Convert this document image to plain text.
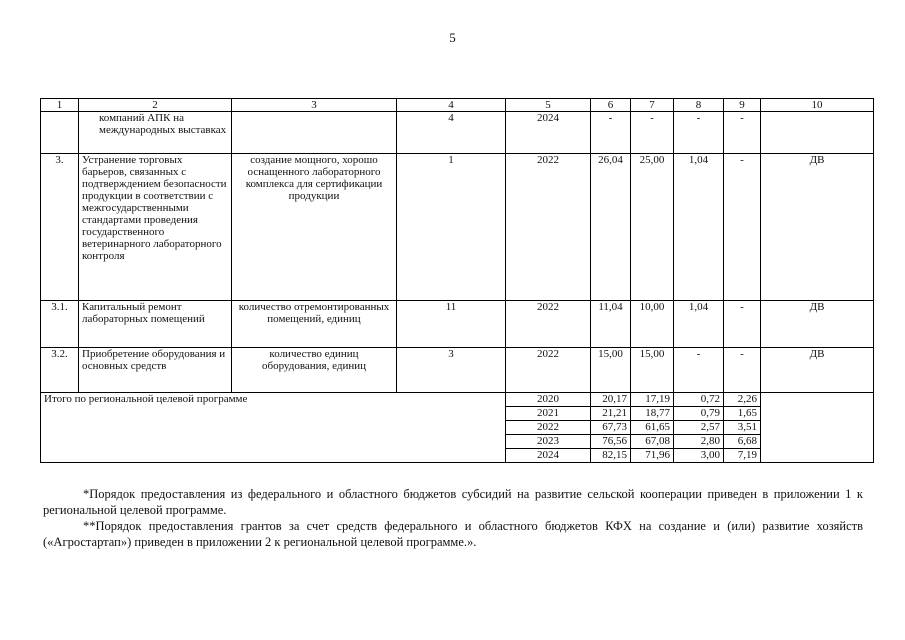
5
1	2	3	4	5	6	7	8	9	10
	компаний АПК на международных выставках		4	2024	-	-	-	-	
3.	Устранение торговых барьеров, связанных с подтверждением безопасности продукции в соответствии с межгосударственными стандартами проведения государственного ветеринарного лабораторного контроля	создание мощного, хорошо оснащенного лабораторного комплекса для сертификации продукции	1	2022	26,04	25,00	1,04	-	ДВ
3.1.	Капитальный ремонт лабораторных помещений	количество отремонтированных помещений, единиц	11	2022	11,04	10,00	1,04	-	ДВ
3.2.	Приобретение оборудования и основных средств	количество единиц оборудования, единиц	3	2022	15,00	15,00	-	-	ДВ
Итого по региональной целевой программе				2020	20,17	17,19	0,72	2,26	
				2021	21,21	18,77	0,79	1,65	
				2022	67,73	61,65	2,57	3,51	
				2023	76,56	67,08	2,80	6,68	
				2024	82,15	71,96	3,00	7,19	

*Порядок предоставления из федерального и областного бюджетов субсидий на развитие сельской кооперации приведен в приложении 1 к региональной целевой программе.

**Порядок предоставления грантов за счет средств федерального и областного бюджетов КФХ на создание и (или) развитие хозяйств («Агростартап») приведен в приложении 2 к региональной целевой программе.».
